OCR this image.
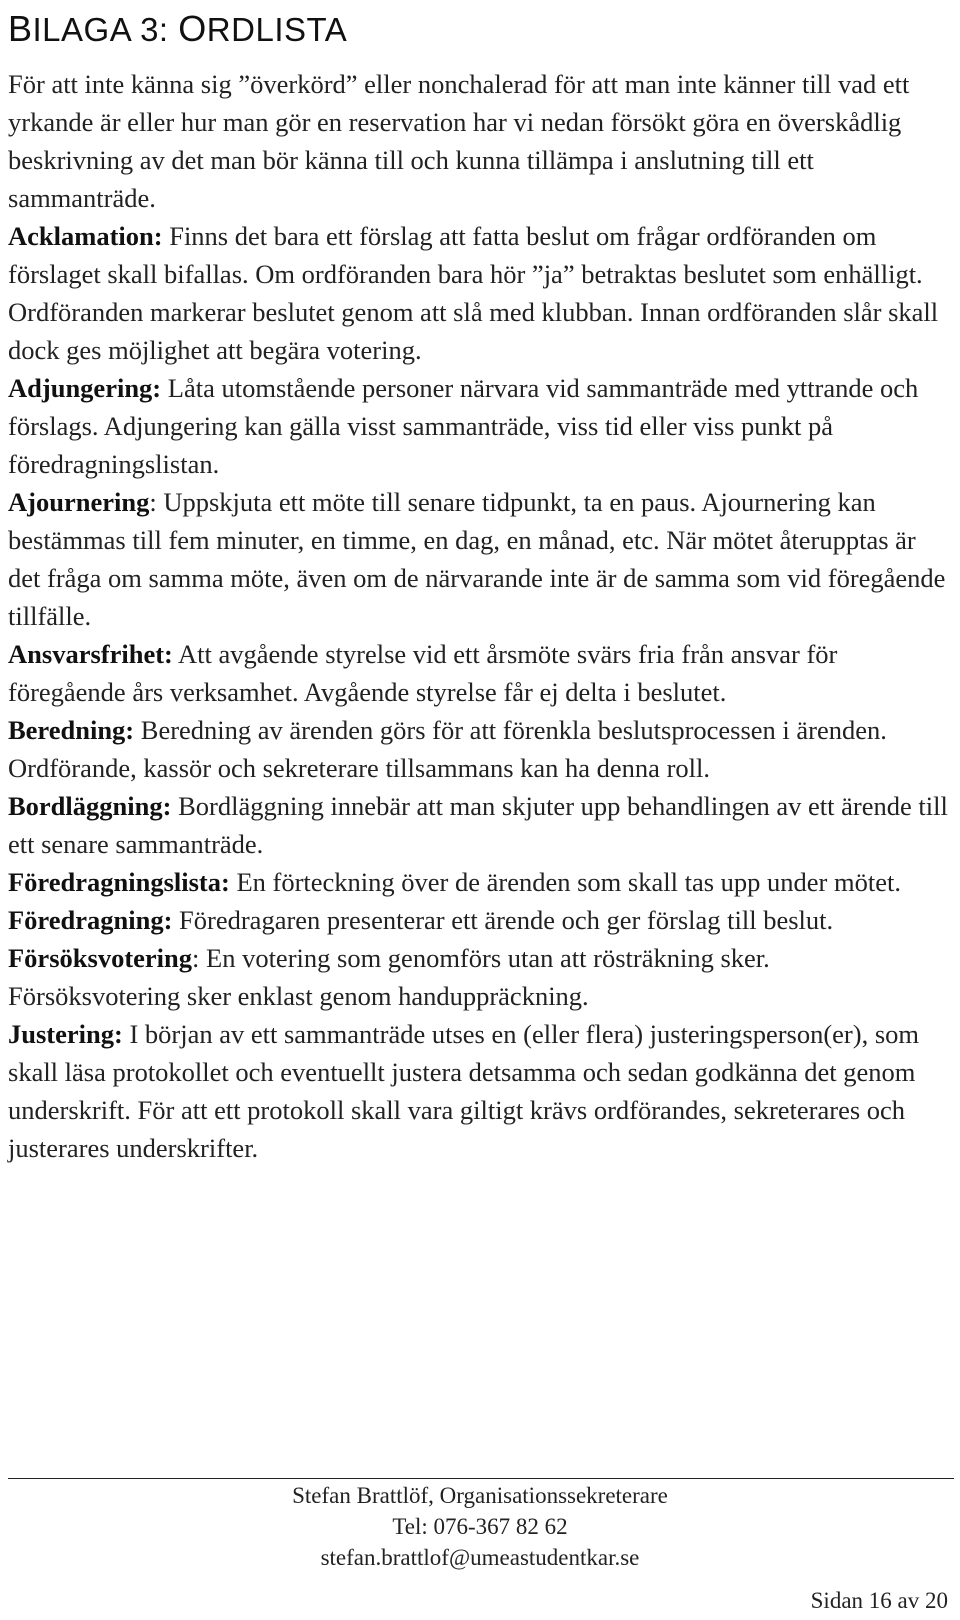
BILAGA 3: ORDLISTA

För att inte känna sig ”överkörd” eller nonchalerad för att man inte känner till vad ett yrkande är eller hur man gör en reservation har vi nedan försökt göra en överskådlig beskrivning av det man bör känna till och kunna tillämpa i anslutning till ett sammanträde.

Acklamation: Finns det bara ett förslag att fatta beslut om frågar ordföranden om förslaget skall bifallas. Om ordföranden bara hör ”ja” betraktas beslutet som enhälligt. Ordföranden markerar beslutet genom att slå med klubban. Innan ordföranden slår skall dock ges möjlighet att begära votering.

Adjungering: Låta utomstående personer närvara vid sammanträde med yttrande och förslags. Adjungering kan gälla visst sammanträde, viss tid eller viss punkt på föredragningslistan.

Ajournering: Uppskjuta ett möte till senare tidpunkt, ta en paus. Ajournering kan bestämmas till fem minuter, en timme, en dag, en månad, etc. När mötet återupptas är det fråga om samma möte, även om de närvarande inte är de samma som vid föregående tillfälle.

Ansvarsfrihet: Att avgående styrelse vid ett årsmöte svärs fria från ansvar för föregående års verksamhet. Avgående styrelse får ej delta i beslutet.

Beredning: Beredning av ärenden görs för att förenkla beslutsprocessen i ärenden. Ordförande, kassör och sekreterare tillsammans kan ha denna roll.

Bordläggning: Bordläggning innebär att man skjuter upp behandlingen av ett ärende till ett senare sammanträde.

Föredragningslista: En förteckning över de ärenden som skall tas upp under mötet.

Föredragning: Föredragaren presenterar ett ärende och ger förslag till beslut.

Försöksvotering: En votering som genomförs utan att rösträkning sker. Försöksvotering sker enklast genom handuppräckning.

Justering: I början av ett sammanträde utses en (eller flera) justeringsperson(er), som skall läsa protokollet och eventuellt justera detsamma och sedan godkänna det genom underskrift. För att ett protokoll skall vara giltigt krävs ordförandes, sekreterares och justerares underskrifter.

Stefan Brattlöf, Organisationssekreterare
Tel: 076-367 82 62
stefan.brattlof@umeastudentkar.se
Sidan 16 av 20
